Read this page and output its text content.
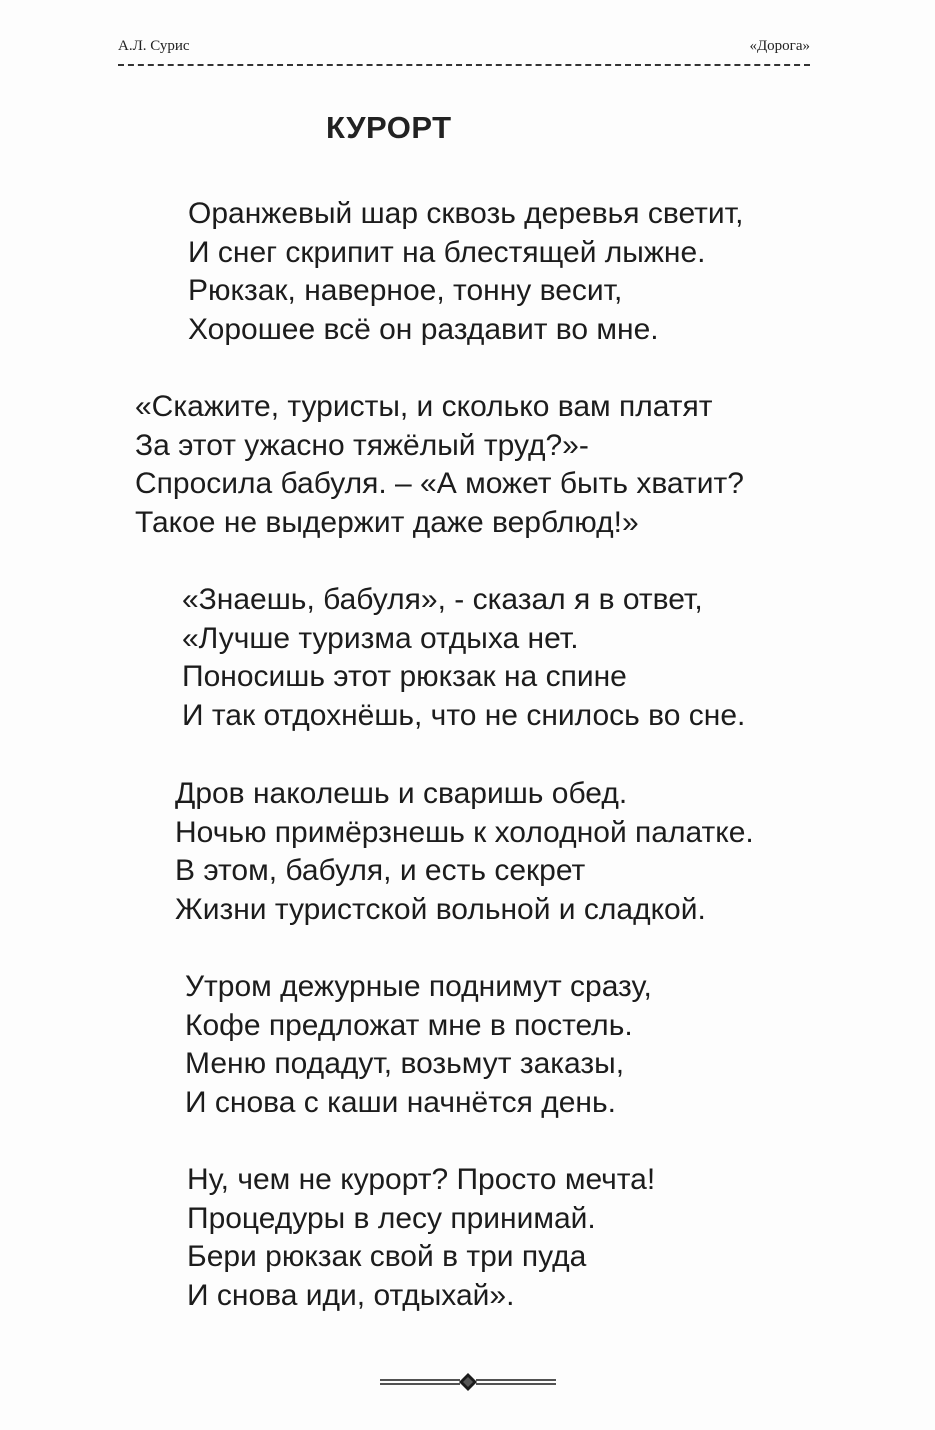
А.Л. Сурис	«Дорога»
КУРОРТ
Оранжевый шар сквозь деревья светит,
И снег скрипит на блестящей лыжне.
Рюкзак, наверное, тонну весит,
Хорошее всё он раздавит во мне.
«Скажите, туристы, и сколько вам платят
За этот ужасно тяжёлый труд?»-
Спросила бабуля. – «А может быть хватит?
Такое не выдержит даже верблюд!»
«Знаешь, бабуля», - сказал я в ответ,
«Лучше туризма отдыха нет.
Поносишь этот рюкзак на спине
И так отдохнёшь, что не снилось во сне.
Дров наколешь и сваришь обед.
Ночью примёрзнешь к холодной палатке.
В этом, бабуля, и есть секрет
Жизни туристской вольной и сладкой.
Утром дежурные поднимут сразу,
Кофе предложат мне в постель.
Меню подадут, возьмут заказы,
И снова с каши начнётся день.
Ну, чем не курорт? Просто мечта!
Процедуры в лесу принимай.
Бери рюкзак свой в три пуда
И снова иди, отдыхай».
